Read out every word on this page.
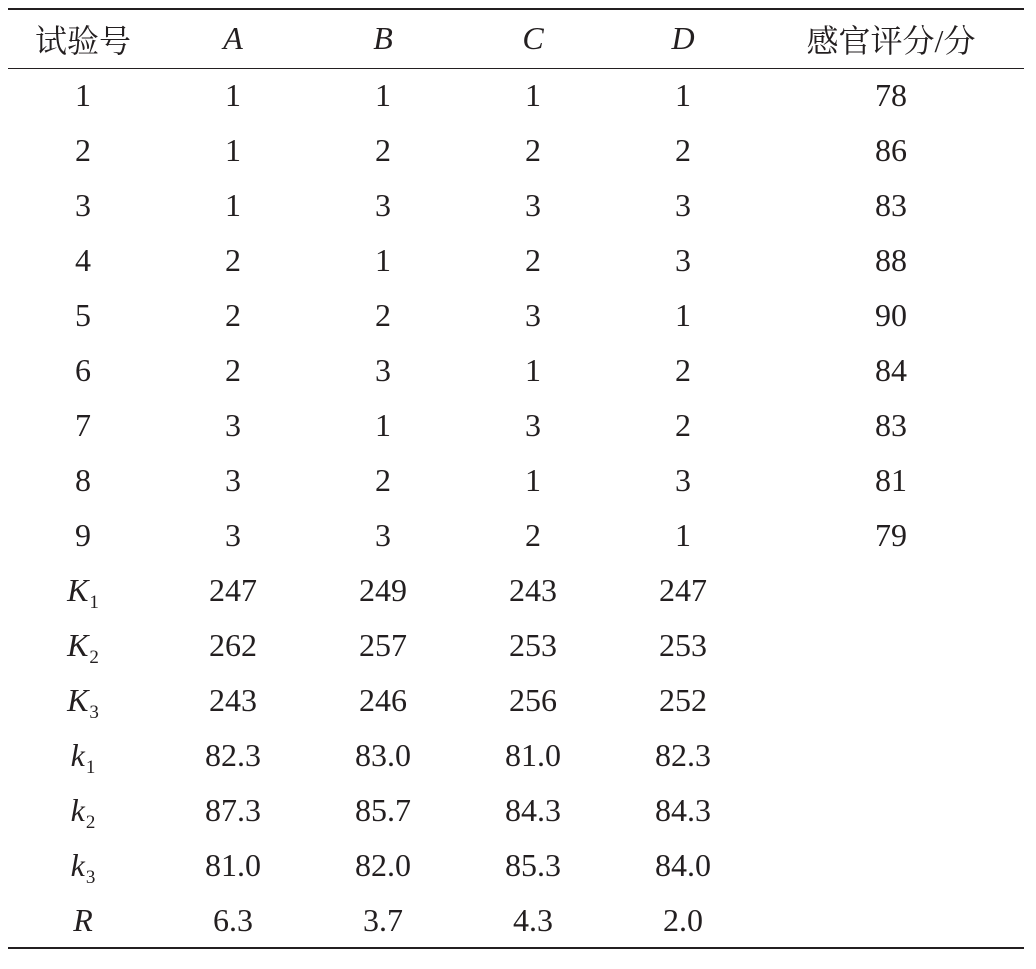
试验号	A	B	C	D	感官评分/分
1	1	1	1	1	78
2	1	2	2	2	86
3	1	3	3	3	83
4	2	1	2	3	88
5	2	2	3	1	90
6	2	3	1	2	84
7	3	1	3	2	83
8	3	2	1	3	81
9	3	3	2	1	79
$K_1$	247	249	243	247	
$K_2$	262	257	253	253	
$K_3$	243	246	256	252	
$k_1$	82.3	83.0	81.0	82.3	
$k_2$	87.3	85.7	84.3	84.3	
$k_3$	81.0	82.0	85.3	84.0	
R	6.3	3.7	4.3	2.0	
